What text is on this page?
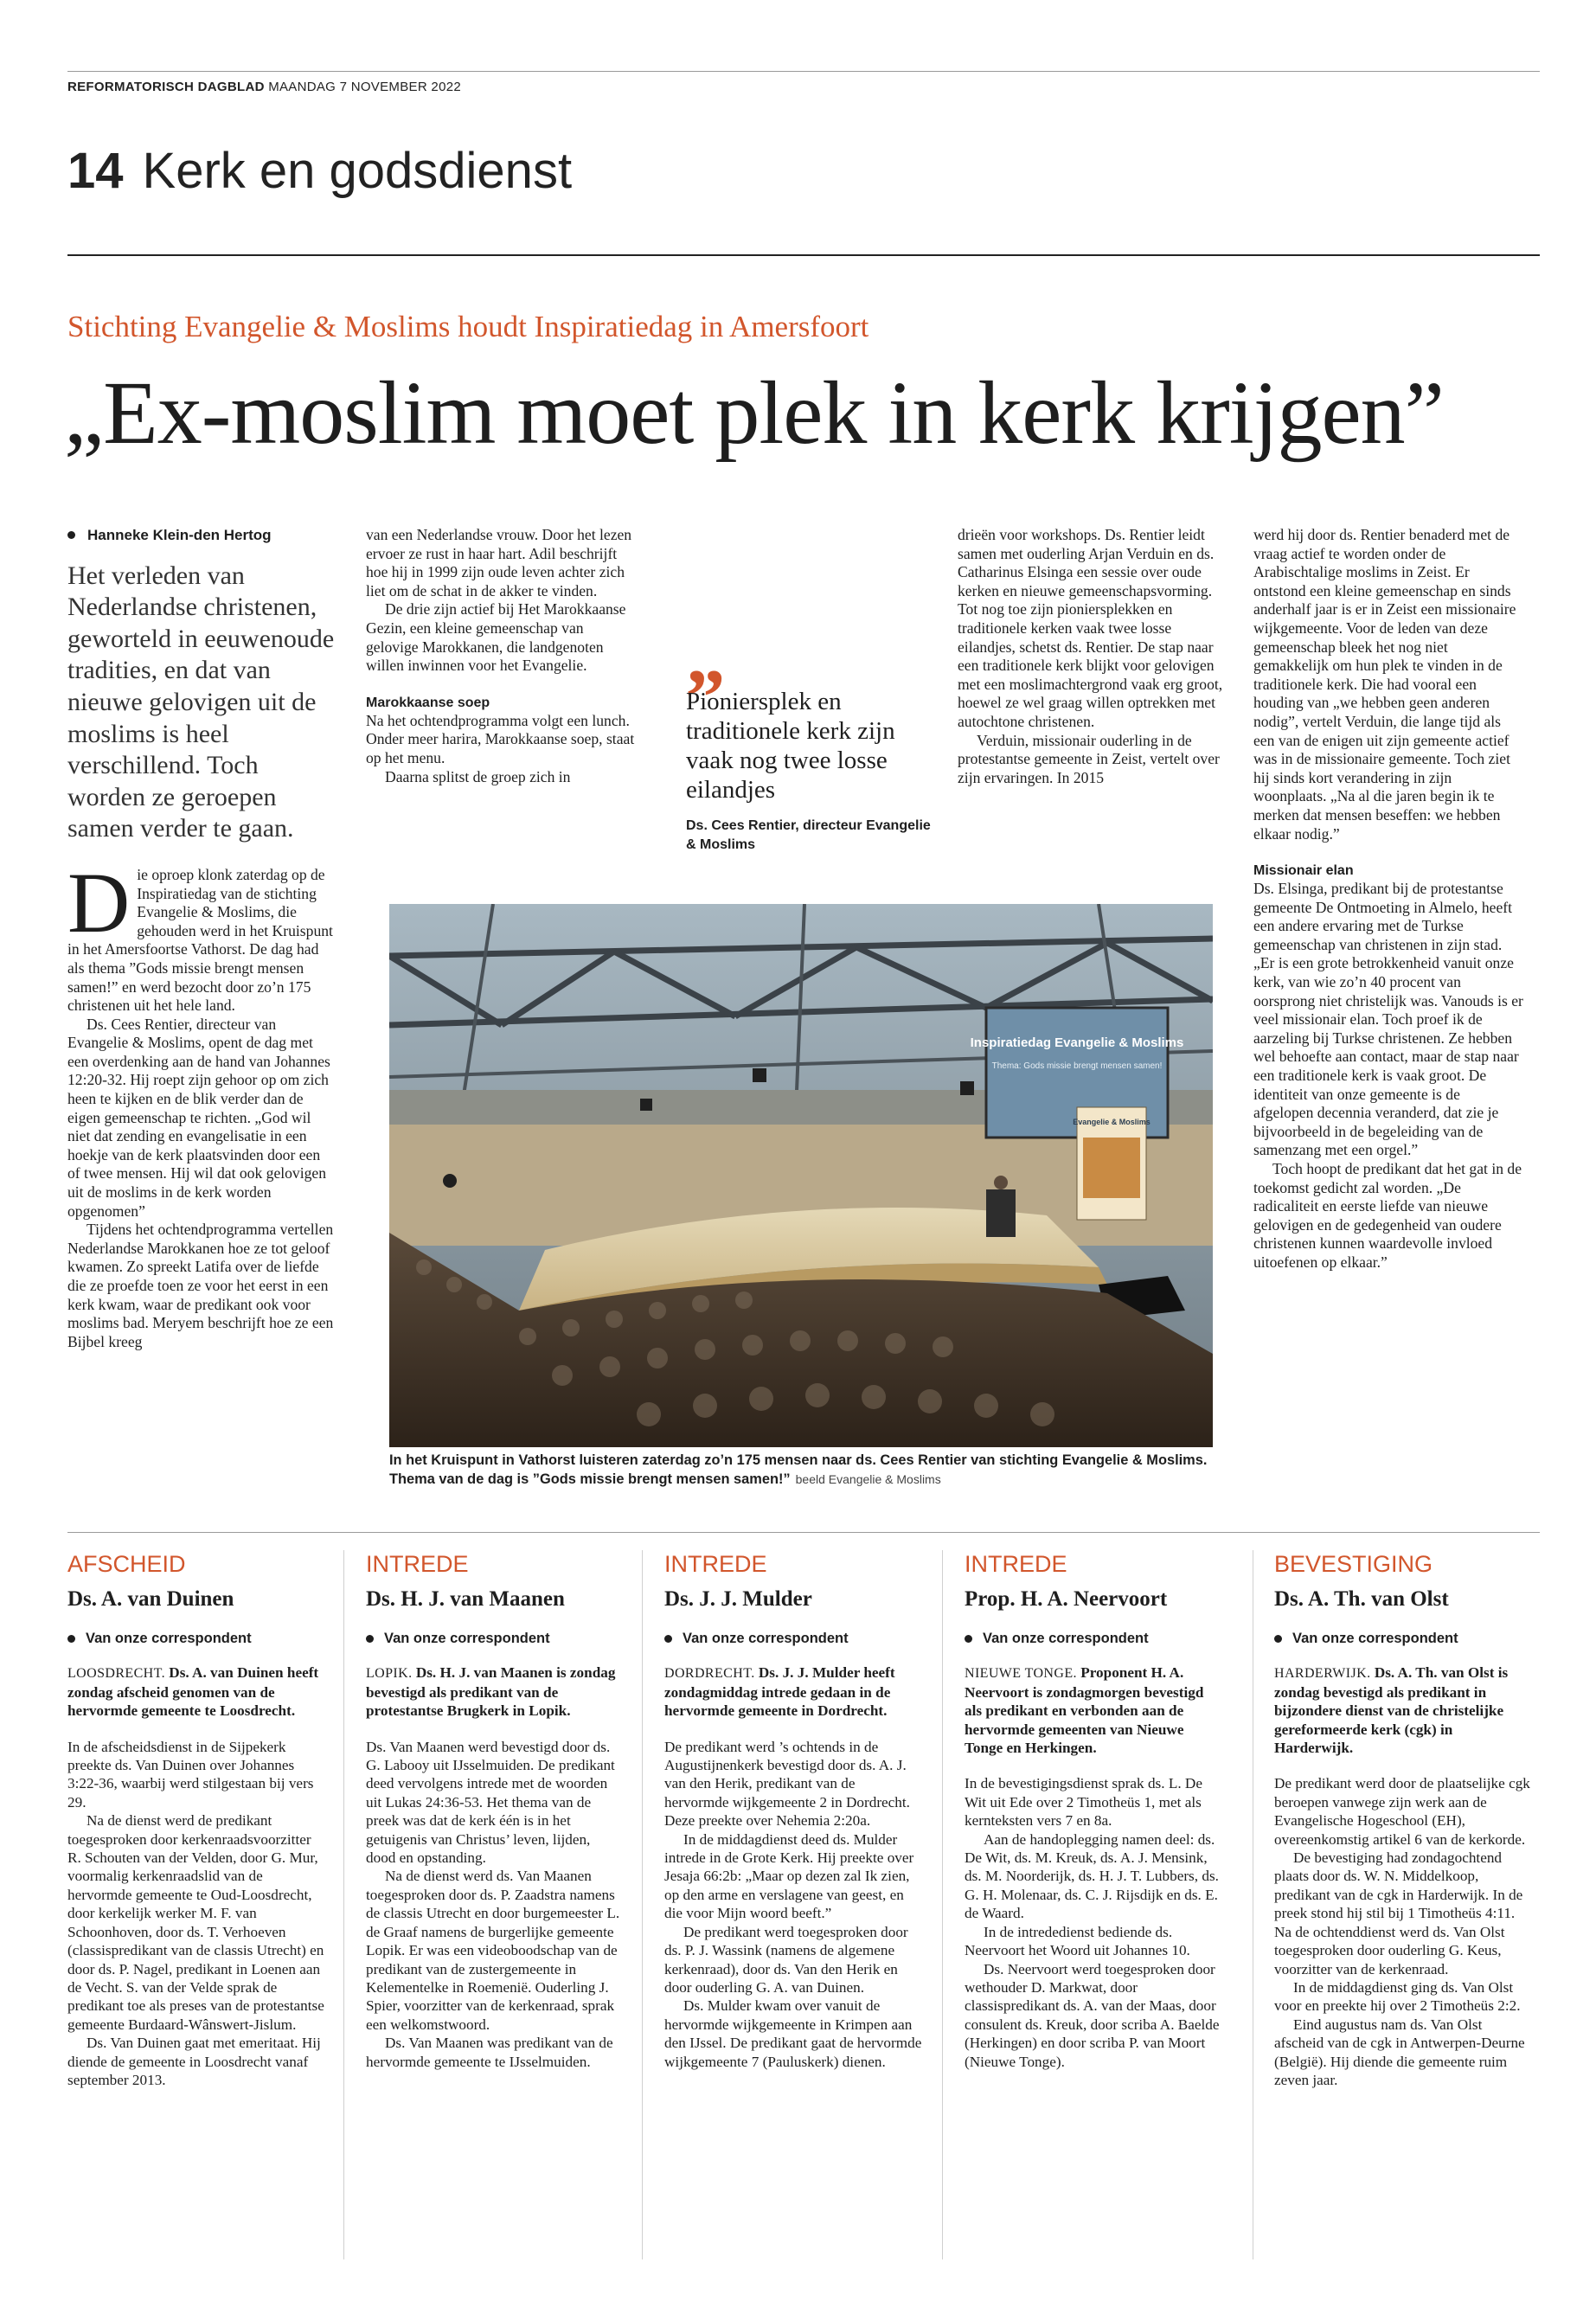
REFORMATORISCH DAGBLAD MAANDAG 7 NOVEMBER 2022
14 Kerk en godsdienst
Stichting Evangelie & Moslims houdt Inspiratiedag in Amersfoort
„Ex-moslim moet plek in kerk krijgen”
Hanneke Klein-den Hertog
Het verleden van Nederlandse christenen, geworteld in eeuwenoude tradities, en dat van nieuwe gelovigen uit de moslims is heel verschillend. Toch worden ze geroepen samen verder te gaan.

Die oproep klonk zaterdag op de Inspiratiedag van de stichting Evangelie & Moslims, die gehouden werd in het Kruispunt in het Amersfoortse Vathorst. De dag had als thema ”Gods missie brengt mensen samen!” en werd bezocht door zo’n 175 christenen uit het hele land.

Ds. Cees Rentier, directeur van Evangelie & Moslims, opent de dag met een overdenking aan de hand van Johannes 12:20-32. Hij roept zijn gehoor op om zich heen te kijken en de blik verder dan de eigen gemeenschap te richten. „God wil niet dat zending en evangelisatie in een hoekje van de kerk plaatsvinden door een of twee mensen. Hij wil dat ook gelovigen uit de moslims in de kerk worden opgenomen”

Tijdens het ochtendprogramma vertellen Nederlandse Marokkanen hoe ze tot geloof kwamen. Zo spreekt Latifa over de liefde die ze proefde toen ze voor het eerst in een kerk kwam, waar de predikant ook voor moslims bad. Meryem beschrijft hoe ze een Bijbel kreeg

van een Nederlandse vrouw. Door het lezen ervoer ze rust in haar hart. Adil beschrijft hoe hij in 1999 zijn oude leven achter zich liet om de schat in de akker te vinden.

De drie zijn actief bij Het Marokkaanse Gezin, een kleine gemeenschap van gelovige Marokkanen, die landgenoten willen inwinnen voor het Evangelie.

Marokkaanse soep

Na het ochtendprogramma volgt een lunch. Onder meer harira, Marokkaanse soep, staat op het menu.

Daarna splitst de groep zich in

„
Pioniersplek en traditionele kerk zijn vaak nog twee losse eilandjes
Ds. Cees Rentier, directeur Evangelie & Moslims

drieën voor workshops. Ds. Rentier leidt samen met ouderling Arjan Verduin en ds. Catharinus Elsinga een sessie over oude kerken en nieuwe gemeenschapsvorming. Tot nog toe zijn pioniersplekken en traditionele kerken vaak twee losse eilandjes, schetst ds. Rentier. De stap naar een traditionele kerk blijkt voor gelovigen met een moslimachtergrond vaak erg groot, hoewel ze wel graag willen optrekken met autochtone christenen.

Verduin, missionair ouderling in de protestantse gemeente in Zeist, vertelt over zijn ervaringen. In 2015

werd hij door ds. Rentier benaderd met de vraag actief te worden onder de Arabischtalige moslims in Zeist. Er ontstond een kleine gemeenschap en sinds anderhalf jaar is er in Zeist een missionaire wijkgemeente. Voor de leden van deze gemeenschap bleek het nog niet gemakkelijk om hun plek te vinden in de traditionele kerk. Die had vooral een houding van „we hebben geen anderen nodig”, vertelt Verduin, die lange tijd als een van de enigen uit zijn gemeente actief was in de missionaire gemeente. Toch ziet hij sinds kort verandering in zijn woonplaats. „Na al die jaren begin ik te merken dat mensen beseffen: we hebben elkaar nodig.”

Missionair elan

Ds. Elsinga, predikant bij de protestantse gemeente De Ontmoeting in Almelo, heeft een andere ervaring met de Turkse gemeenschap van christenen in zijn stad. „Er is een grote betrokkenheid vanuit onze kerk, van wie zo’n 40 procent van oorsprong niet christelijk was. Vanouds is er veel missionair elan. Toch proef ik de aarzeling bij Turkse christenen. Ze hebben wel behoefte aan contact, maar de stap naar een traditionele kerk is vaak groot. De identiteit van onze gemeente is de afgelopen decennia veranderd, dat zie je bijvoorbeeld in de begeleiding van de samenzang met een orgel.”

Toch hoopt de predikant dat het gat in de toekomst gedicht zal worden. „De radicaliteit en eerste liefde van nieuwe gelovigen en de gedegenheid van oudere christenen kunnen waardevolle invloed uitoefenen op elkaar.”

Inspiratiedag Evangelie & Moslims
Thema: Gods missie brengt mensen samen!
Evangelie & Moslims
In het Kruispunt in Vathorst luisteren zaterdag zo’n 175 mensen naar ds. Cees Rentier van stichting Evangelie & Moslims. Thema van de dag is ”Gods missie brengt mensen samen!” beeld Evangelie & Moslims
AFSCHEID
Ds. A. van Duinen
Van onze correspondent

LOOSDRECHT. Ds. A. van Duinen heeft zondag afscheid genomen van de hervormde gemeente te Loosdrecht.

In de afscheidsdienst in de Sijpekerk preekte ds. Van Duinen over Johannes 3:22-36, waarbij werd stilgestaan bij vers 29.

Na de dienst werd de predikant toegesproken door kerkenraadsvoorzitter R. Schouten van der Velden, door G. Mur, voormalig kerkenraadslid van de hervormde gemeente te Oud-Loosdrecht, door kerkelijk werker M. F. van Schoonhoven, door ds. T. Verhoeven (classispredikant van de classis Utrecht) en door ds. P. Nagel, predikant in Loenen aan de Vecht. S. van der Velde sprak de predikant toe als preses van de protestantse gemeente Burdaard-Wânswert-Jislum.

Ds. Van Duinen gaat met emeritaat. Hij diende de gemeente in Loosdrecht vanaf september 2013.

INTREDE
Ds. H. J. van Maanen
Van onze correspondent

LOPIK. Ds. H. J. van Maanen is zondag bevestigd als predikant van de protestantse Brugkerk in Lopik.

Ds. Van Maanen werd bevestigd door ds. G. Labooy uit IJsselmuiden. De predikant deed vervolgens intrede met de woorden uit Lukas 24:36-53. Het thema van de preek was dat de kerk één is in het getuigenis van Christus’ leven, lijden, dood en opstanding.

Na de dienst werd ds. Van Maanen toegesproken door ds. P. Zaadstra namens de classis Utrecht en door burgemeester L. de Graaf namens de burgerlijke gemeente Lopik. Er was een videoboodschap van de predikant van de zustergemeente in Kelementelke in Roemenië. Ouderling J. Spier, voorzitter van de kerkenraad, sprak een welkomstwoord.

Ds. Van Maanen was predikant van de hervormde gemeente te IJsselmuiden.

INTREDE
Ds. J. J. Mulder
Van onze correspondent

DORDRECHT. Ds. J. J. Mulder heeft zondagmiddag intrede gedaan in de hervormde gemeente in Dordrecht.

De predikant werd ’s ochtends in de Augustijnenkerk bevestigd door ds. A. J. van den Herik, predikant van de hervormde wijkgemeente 2 in Dordrecht. Deze preekte over Nehemia 2:20a.

In de middagdienst deed ds. Mulder intrede in de Grote Kerk. Hij preekte over Jesaja 66:2b: „Maar op dezen zal Ik zien, op den arme en verslagene van geest, en die voor Mijn woord beeft.”

De predikant werd toegesproken door ds. P. J. Wassink (namens de algemene kerkenraad), door ds. Van den Herik en door ouderling G. A. van Duinen.

Ds. Mulder kwam over vanuit de hervormde wijkgemeente in Krimpen aan den IJssel. De predikant gaat de hervormde wijkgemeente 7 (Pauluskerk) dienen.

INTREDE
Prop. H. A. Neervoort
Van onze correspondent

NIEUWE TONGE. Proponent H. A. Neervoort is zondagmorgen bevestigd als predikant en verbonden aan de hervormde gemeenten van Nieuwe Tonge en Herkingen.

In de bevestigingsdienst sprak ds. L. De Wit uit Ede over 2 Timotheüs 1, met als kernteksten vers 7 en 8a.

Aan de handoplegging namen deel: ds. De Wit, ds. M. Kreuk, ds. A. J. Mensink, ds. M. Noorderijk, ds. H. J. T. Lubbers, ds. G. H. Molenaar, ds. C. J. Rijsdijk en ds. E. de Waard.

In de intrededienst bediende ds. Neervoort het Woord uit Johannes 10.

Ds. Neervoort werd toegesproken door wethouder D. Markwat, door classispredikant ds. A. van der Maas, door consulent ds. Kreuk, door scriba A. Baelde (Herkingen) en door scriba P. van Moort (Nieuwe Tonge).

BEVESTIGING
Ds. A. Th. van Olst
Van onze correspondent

HARDERWIJK. Ds. A. Th. van Olst is zondag bevestigd als predikant in bijzondere dienst van de christelijke gereformeerde kerk (cgk) in Harderwijk.

De predikant werd door de plaatselijke cgk beroepen vanwege zijn werk aan de Evangelische Hogeschool (EH), overeenkomstig artikel 6 van de kerkorde.

De bevestiging had zondagochtend plaats door ds. W. N. Middelkoop, predikant van de cgk in Harderwijk. In de preek stond hij stil bij 1 Timotheüs 4:11. Na de ochtenddienst werd ds. Van Olst toegesproken door ouderling G. Keus, voorzitter van de kerkenraad.

In de middagdienst ging ds. Van Olst voor en preekte hij over 2 Timotheüs 2:2.

Eind augustus nam ds. Van Olst afscheid van de cgk in Antwerpen-Deurne (België). Hij diende die gemeente ruim zeven jaar.
